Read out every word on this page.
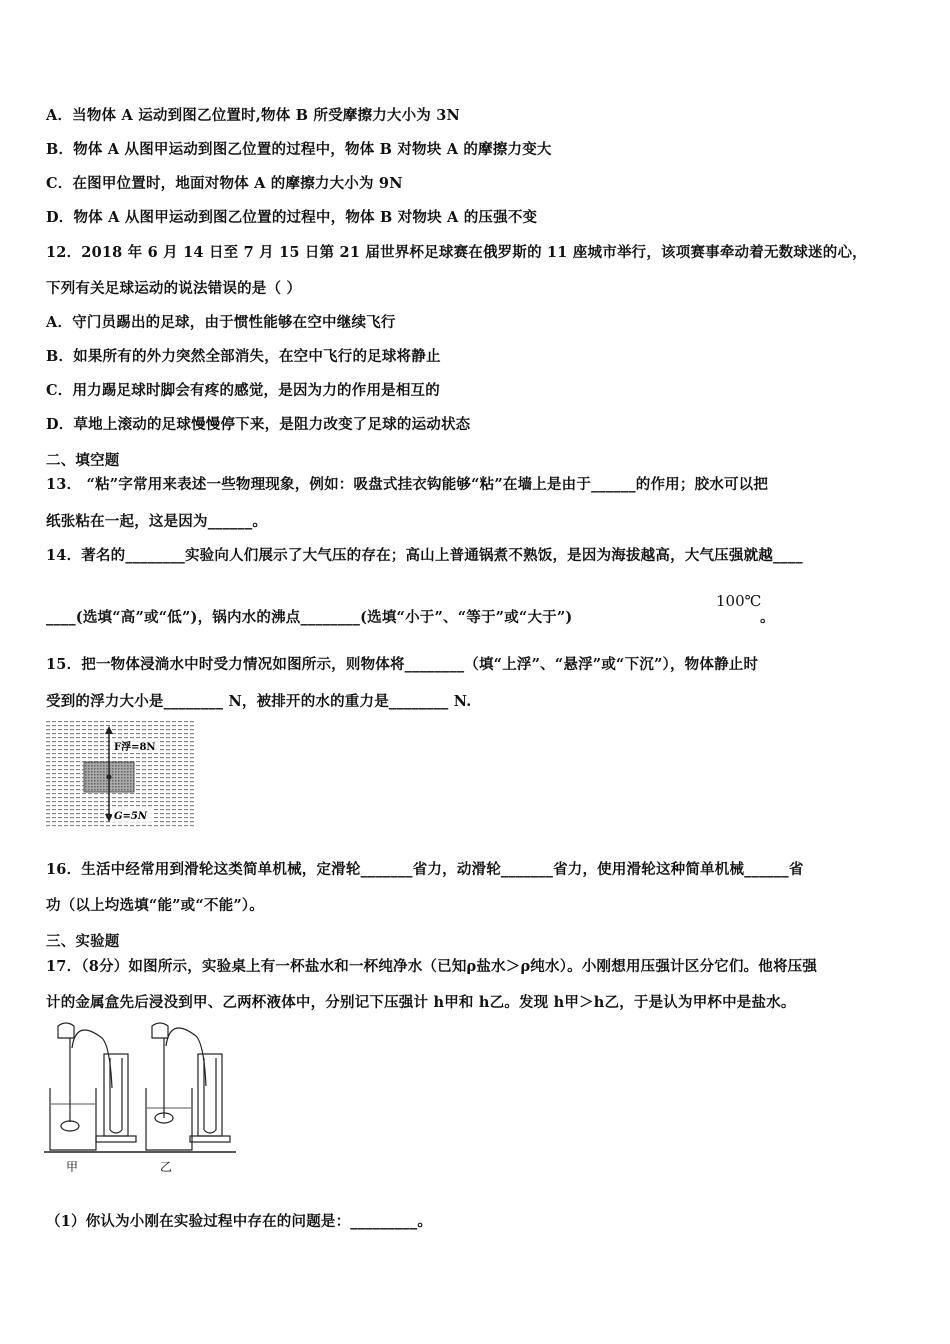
A．当物体 A 运动到图乙位置时,物体 B 所受摩擦力大小为 3N
B．物体 A 从图甲运动到图乙位置的过程中，物体 B 对物块 A 的摩擦力变大
C．在图甲位置时，地面对物体 A 的摩擦力大小为 9N
D．物体 A 从图甲运动到图乙位置的过程中，物体 B 对物块 A 的压强不变
12．2018 年 6 月 14 日至 7 月 15 日第 21 届世界杯足球赛在俄罗斯的 11 座城市举行，该项赛事牵动着无数球迷的心，
下列有关足球运动的说法错误的是（ ）
A．守门员踢出的足球，由于惯性能够在空中继续飞行
B．如果所有的外力突然全部消失，在空中飞行的足球将静止
C．用力踢足球时脚会有疼的感觉，是因为力的作用是相互的
D．草地上滚动的足球慢慢停下来，是阻力改变了足球的运动状态
二、填空题
13． “粘”字常用来表述一些物理现象，例如：吸盘式挂衣钩能够“粘”在墙上是由于______的作用；胶水可以把
纸张粘在一起，这是因为______。
14．著名的________实验向人们展示了大气压的存在；高山上普通锅煮不熟饭，是因为海拔越高，大气压强就越____
____(选填“高”或“低”)，锅内水的沸点________(选填“小于”、“等于”或“大于”)
100℃
。
15．把一物体浸淌水中时受力情况如图所示，则物体将________（填“上浮”、“悬浮”或“下沉”），物体静止时
受到的浮力大小是________ N，被排开的水的重力是________ N.
F浮=8N
G=5N
16．生活中经常用到滑轮这类简单机械，定滑轮_______省力，动滑轮_______省力，使用滑轮这种简单机械______省
功（以上均选填“能”或“不能”）。
三、实验题
17．（8分）如图所示，实验桌上有一杯盐水和一杯纯净水（已知ρ盐水＞ρ纯水）。小刚想用压强计区分它们。他将压强
计的金属盒先后浸没到甲、乙两杯液体中，分别记下压强计 h甲和 h乙。发现 h甲＞h乙，于是认为甲杯中是盐水。
甲	乙
（1）你认为小刚在实验过程中存在的问题是：_________。
